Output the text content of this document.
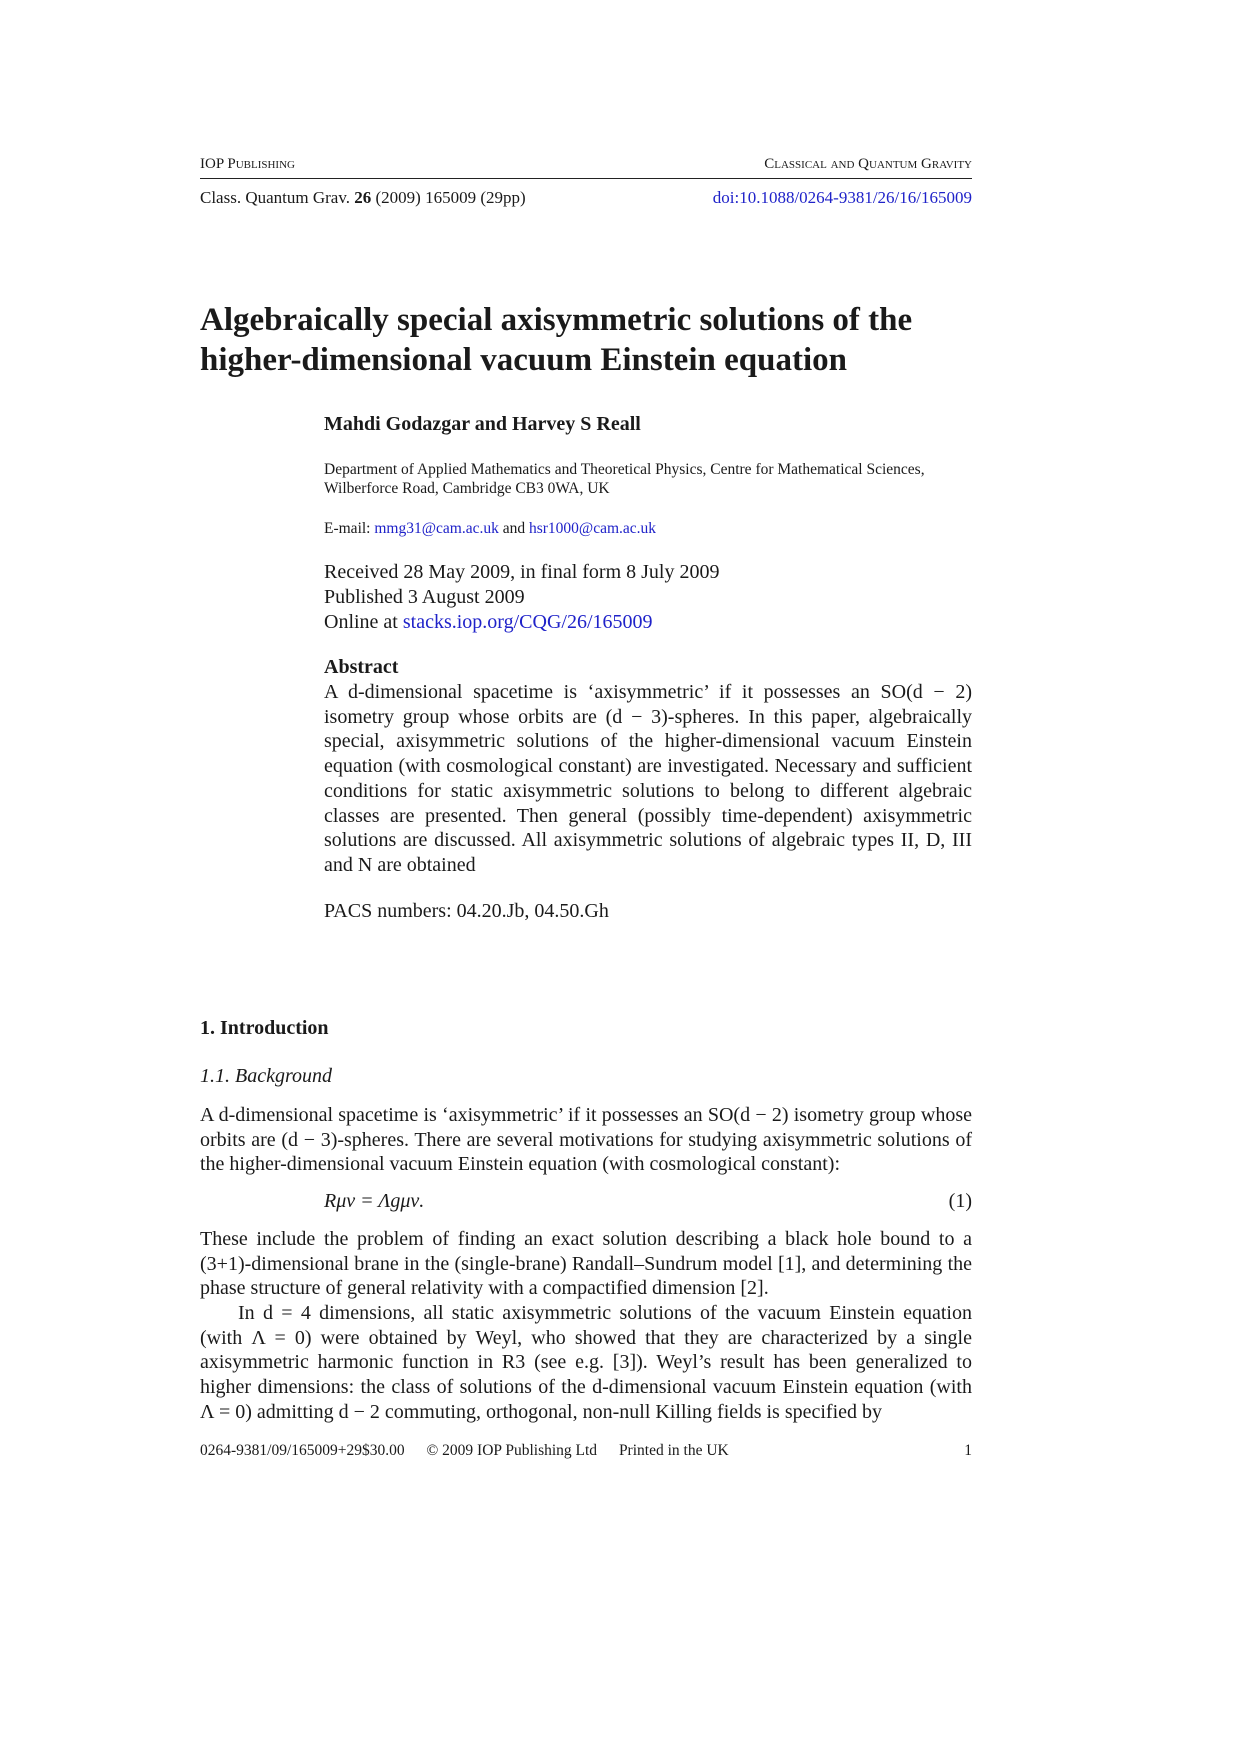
IOP Publishing	Classical and Quantum Gravity
Class. Quantum Grav. 26 (2009) 165009 (29pp)	doi:10.1088/0264-9381/26/16/165009
Algebraically special axisymmetric solutions of the
higher-dimensional vacuum Einstein equation
Mahdi Godazgar and Harvey S Reall
Department of Applied Mathematics and Theoretical Physics, Centre for Mathematical Sciences,
Wilberforce Road, Cambridge CB3 0WA, UK
E-mail: mmg31@cam.ac.uk and hsr1000@cam.ac.uk
Received 28 May 2009, in final form 8 July 2009
Published 3 August 2009
Online at stacks.iop.org/CQG/26/165009
Abstract
A d-dimensional spacetime is ‘axisymmetric’ if it possesses an SO(d − 2) isometry group whose orbits are (d − 3)-spheres. In this paper, algebraically special, axisymmetric solutions of the higher-dimensional vacuum Einstein equation (with cosmological constant) are investigated. Necessary and sufficient conditions for static axisymmetric solutions to belong to different algebraic classes are presented. Then general (possibly time-dependent) axisymmetric solutions are discussed. All axisymmetric solutions of algebraic types II, D, III and N are obtained
PACS numbers: 04.20.Jb, 04.50.Gh
1. Introduction
1.1. Background
A d-dimensional spacetime is ‘axisymmetric’ if it possesses an SO(d − 2) isometry group whose orbits are (d − 3)-spheres. There are several motivations for studying axisymmetric solutions of the higher-dimensional vacuum Einstein equation (with cosmological constant):
Rμν = Λgμν.	(1)
These include the problem of finding an exact solution describing a black hole bound to a (3+1)-dimensional brane in the (single-brane) Randall–Sundrum model [1], and determining the phase structure of general relativity with a compactified dimension [2].
In d = 4 dimensions, all static axisymmetric solutions of the vacuum Einstein equation (with Λ = 0) were obtained by Weyl, who showed that they are characterized by a single axisymmetric harmonic function in R3 (see e.g. [3]). Weyl’s result has been generalized to higher dimensions: the class of solutions of the d-dimensional vacuum Einstein equation (with Λ = 0) admitting d − 2 commuting, orthogonal, non-null Killing fields is specified by
0264-9381/09/165009+29$30.00 © 2009 IOP Publishing Ltd Printed in the UK	1
